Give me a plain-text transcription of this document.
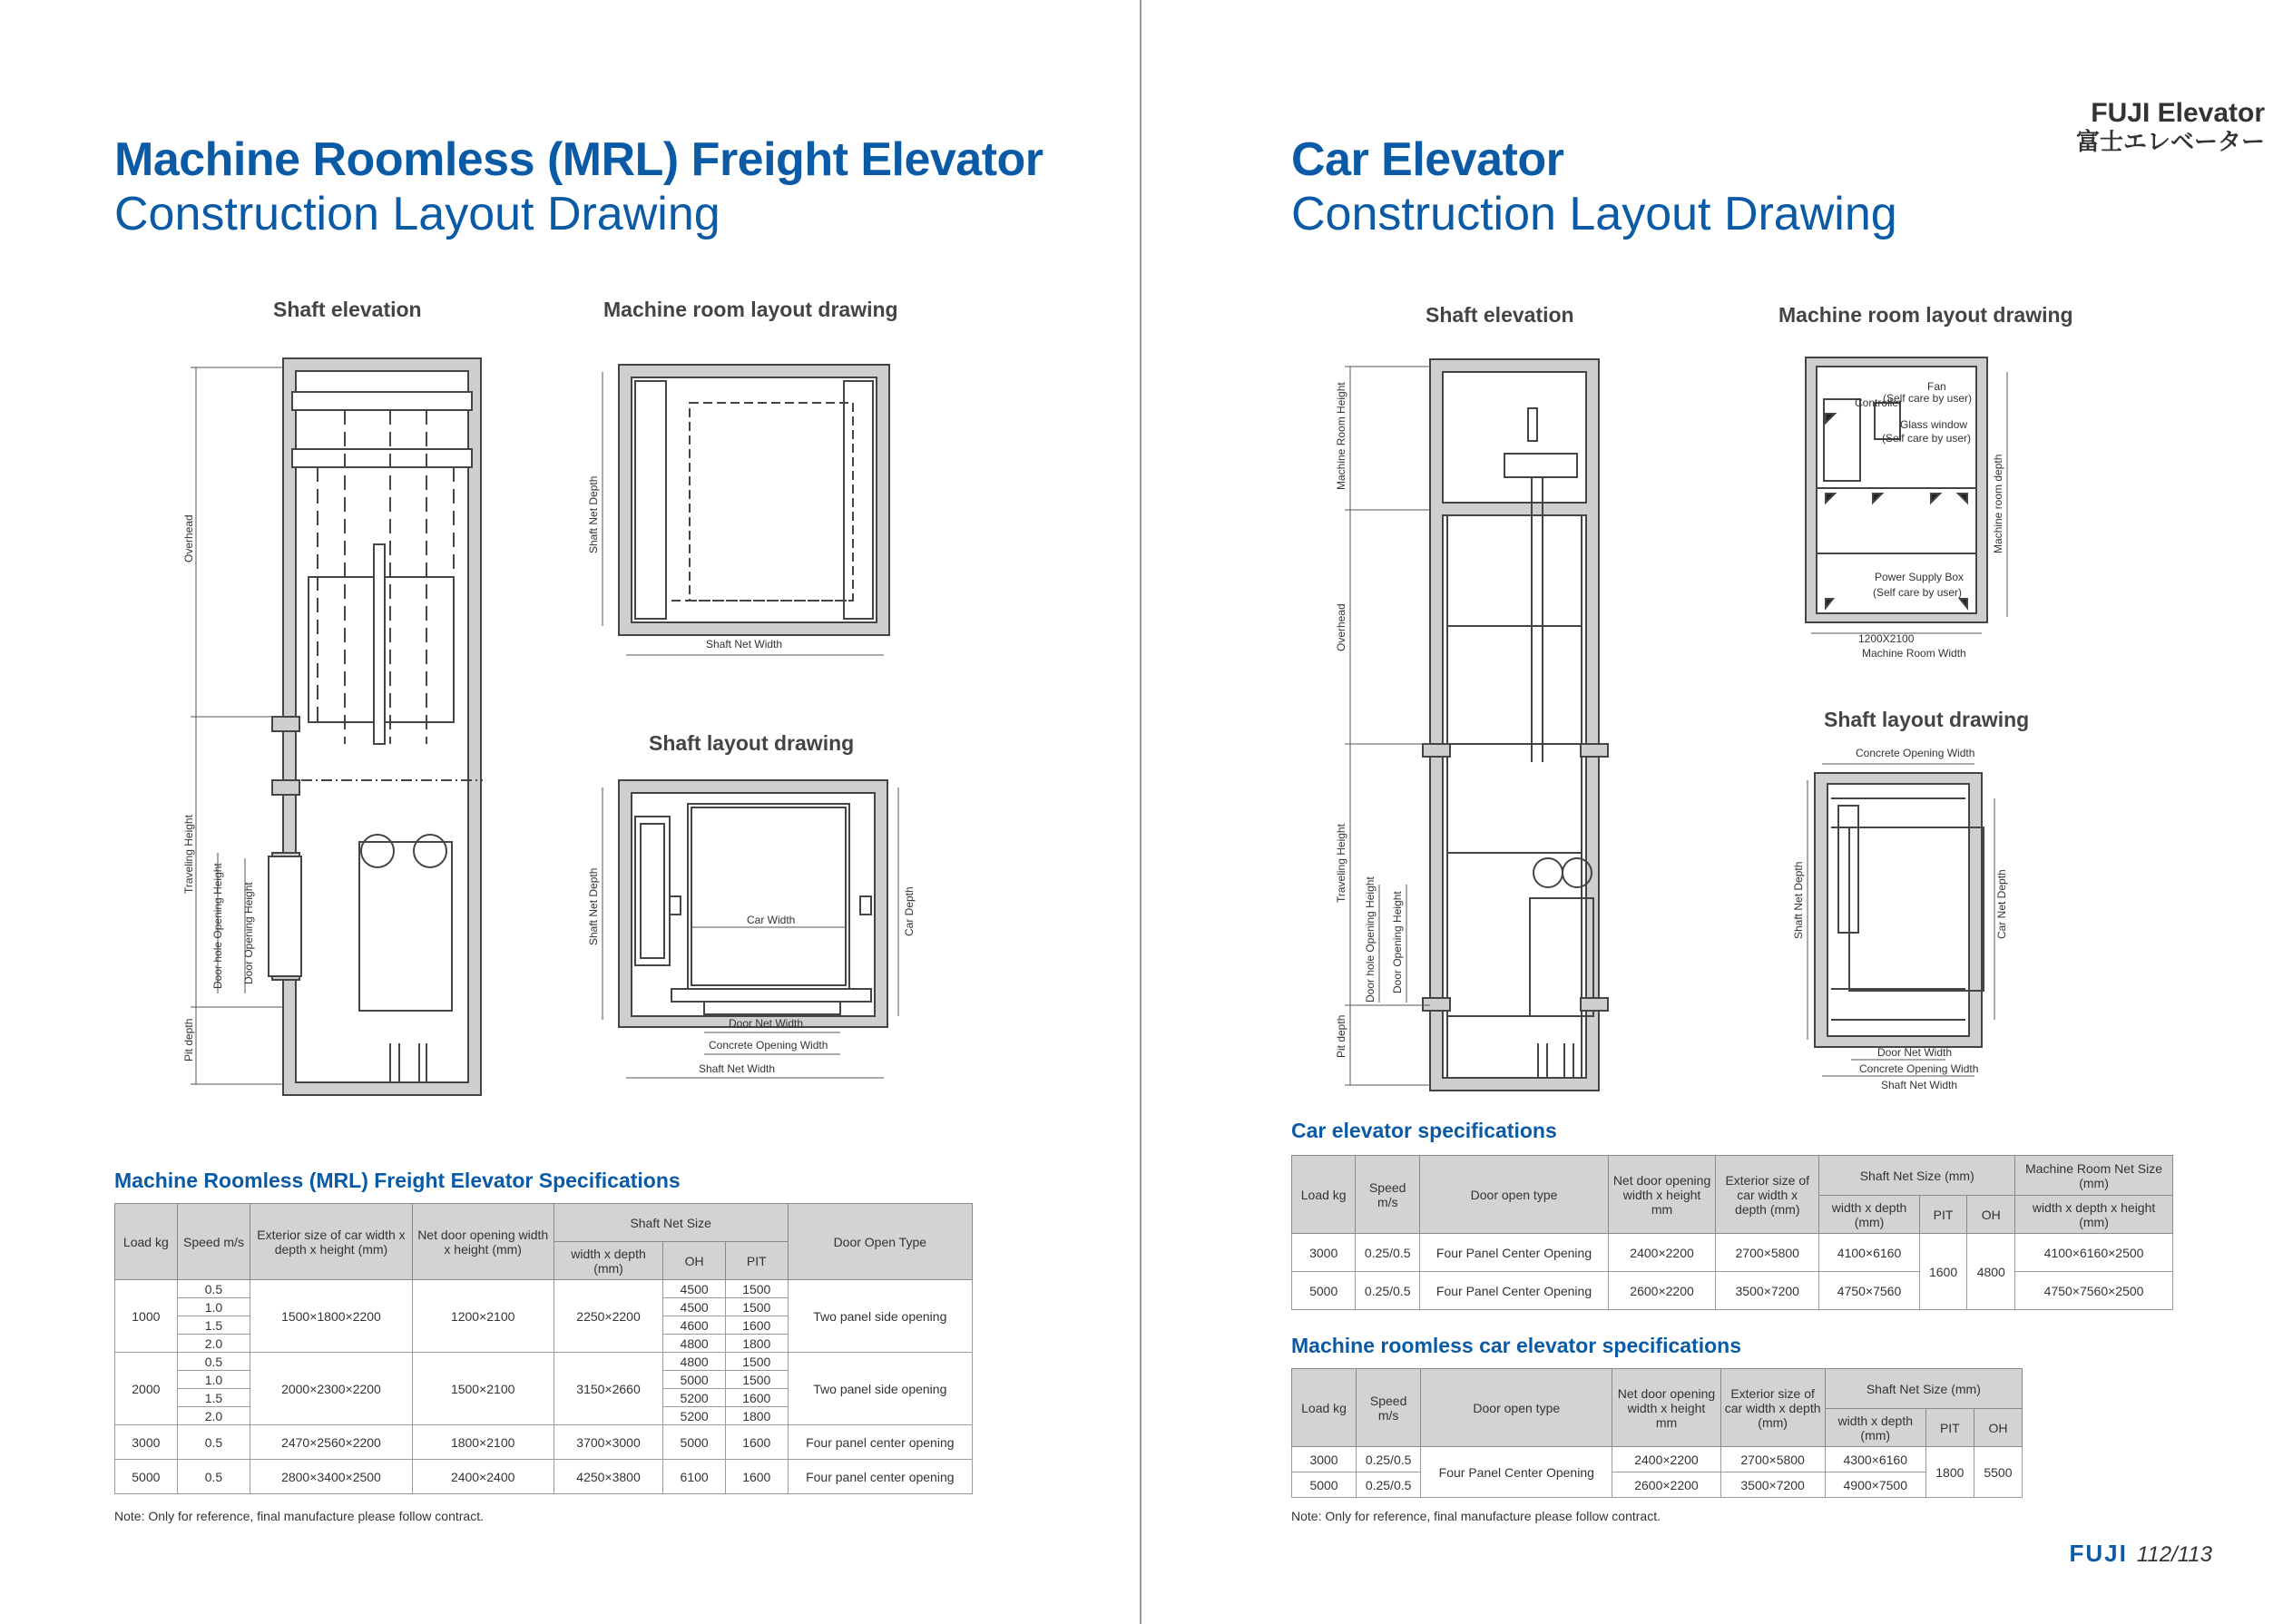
Machine Roomless (MRL) Freight Elevator
Construction Layout Drawing
Shaft elevation	Machine room layout drawing
Shaft layout drawing
Overhead
Traveling Height
Door hole Opening Height Door Opening Height
Pit depth
Shaft Net Depth
Shaft Net Width
Shaft Net Depth	Car Depth
Car Width
Door Net Width
Concrete Opening Width
Shaft Net Width
Machine Roomless (MRL) Freight Elevator Specifications
Load kg	Speed m/s	Exterior size of car width x depth x height (mm)	Net door opening width x height (mm)	Shaft Net Size			Door Open Type
				width x depth (mm)	OH	PIT	
1000	0.5	1500×1800×2200	1200×2100	2250×2200	4500	1500	Two panel side opening
	1.0				4500	1500	
	1.5				4600	1600	
	2.0				4800	1800	
2000	0.5	2000×2300×2200	1500×2100	3150×2660	4800	1500	Two panel side opening
	1.0				5000	1500	
	1.5				5200	1600	
	2.0				5200	1800	
3000	0.5	2470×2560×2200	1800×2100	3700×3000	5000	1600	Four panel center opening
5000	0.5	2800×3400×2500	2400×2400	4250×3800	6100	1600	Four panel center opening
Note: Only for reference, final manufacture please follow contract.
FUJI Elevator
富士エレベーター
Car Elevator
Construction Layout Drawing
Shaft elevation	Machine room layout drawing
Shaft layout drawing
Machine Room Height
Overhead
Traveling Height
Door hole Opening Height Door Opening Height
Pit depth
Fan
(Self care by user)
Controller
Glass window
(Self care by user)
Machine room depth
Power Supply Box
(Self care by user)
1200X2100
Machine Room Width
Concrete Opening Width
Shaft Net Depth	Car Net Depth
Door Net Width
Concrete Opening Width
Shaft Net Width
Car elevator specifications
Load kg	Speed m/s	Door open type	Net door opening width x height mm	Exterior size of car width x depth (mm)	Shaft Net Size (mm)			Machine Room Net Size (mm)
					width x depth (mm)	PIT	OH	width x depth x height (mm)
3000	0.25/0.5	Four Panel Center Opening	2400×2200	2700×5800	4100×6160	1600	4800	4100×6160×2500
5000	0.25/0.5	Four Panel Center Opening	2600×2200	3500×7200	4750×7560			4750×7560×2500
Machine roomless car elevator specifications
Load kg	Speed m/s	Door open type	Net door opening width x height mm	Exterior size of car width x depth (mm)	Shaft Net Size (mm)		
					width x depth (mm)	PIT	OH
3000	0.25/0.5	Four Panel Center Opening	2400×2200	2700×5800	4300×6160	1800	5500
5000	0.25/0.5		2600×2200	3500×7200	4900×7500		
Note: Only for reference, final manufacture please follow contract.
FUJI 112/113
